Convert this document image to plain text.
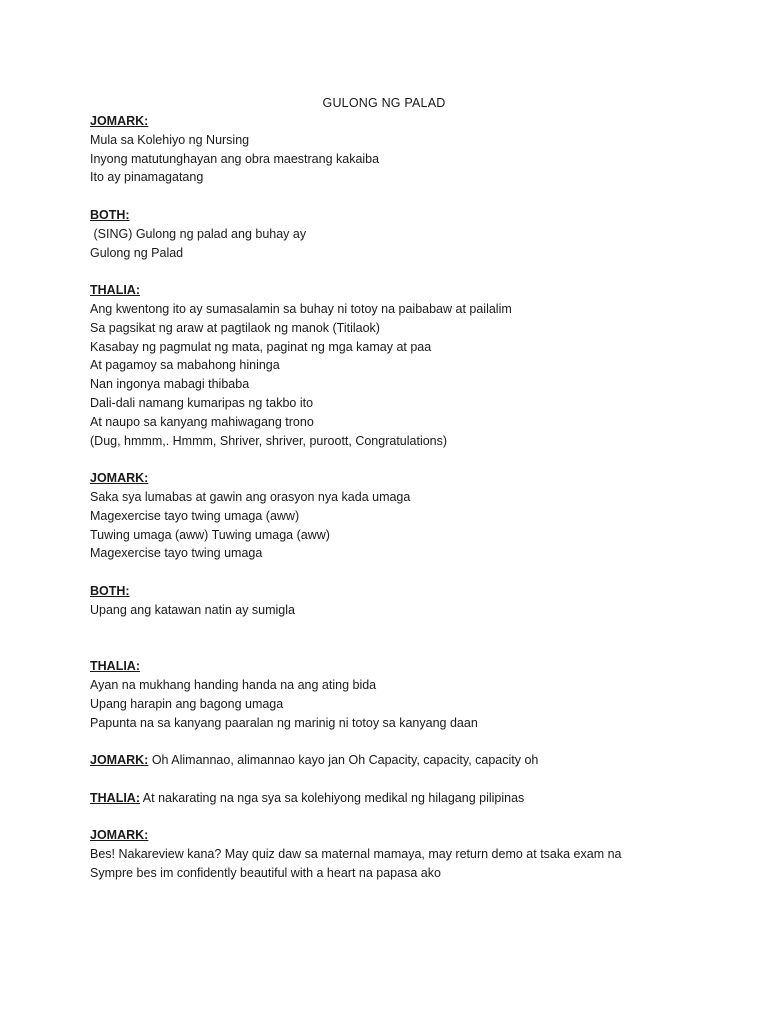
GULONG NG PALAD
JOMARK:
Mula sa Kolehiyo ng Nursing
Inyong matutunghayan ang obra maestrang kakaiba
Ito ay pinamagatang
BOTH:
(SING) Gulong ng palad ang buhay ay
Gulong ng Palad
THALIA:
Ang kwentong ito ay sumasalamin sa buhay ni totoy na paibabaw at pailalim
Sa pagsikat ng araw at pagtilaok ng manok (Titilaok)
Kasabay ng pagmulat ng mata, paginat ng mga kamay at paa
At pagamoy sa mabahong hininga
Nan ingonya mabagi thibaba
Dali-dali namang kumaripas ng takbo ito
At naupo sa kanyang mahiwagang trono
(Dug, hmmm,. Hmmm, Shriver, shriver, puroott, Congratulations)
JOMARK:
Saka sya lumabas at gawin ang orasyon nya kada umaga
Magexercise tayo twing umaga (aww)
Tuwing umaga (aww) Tuwing umaga (aww)
Magexercise tayo twing umaga
BOTH:
Upang ang katawan natin ay sumigla
THALIA:
Ayan na mukhang handing handa na ang ating bida
Upang harapin ang bagong umaga
Papunta na sa kanyang paaralan ng marinig ni totoy sa kanyang daan
JOMARK: Oh Alimannao, alimannao kayo jan Oh Capacity, capacity, capacity oh
THALIA: At nakarating na nga sya sa kolehiyong medikal ng hilagang pilipinas
JOMARK:
Bes! Nakareview kana? May quiz daw sa maternal mamaya, may return demo at tsaka exam na
Sympre bes im confidently beautiful with a heart na papasa ako
